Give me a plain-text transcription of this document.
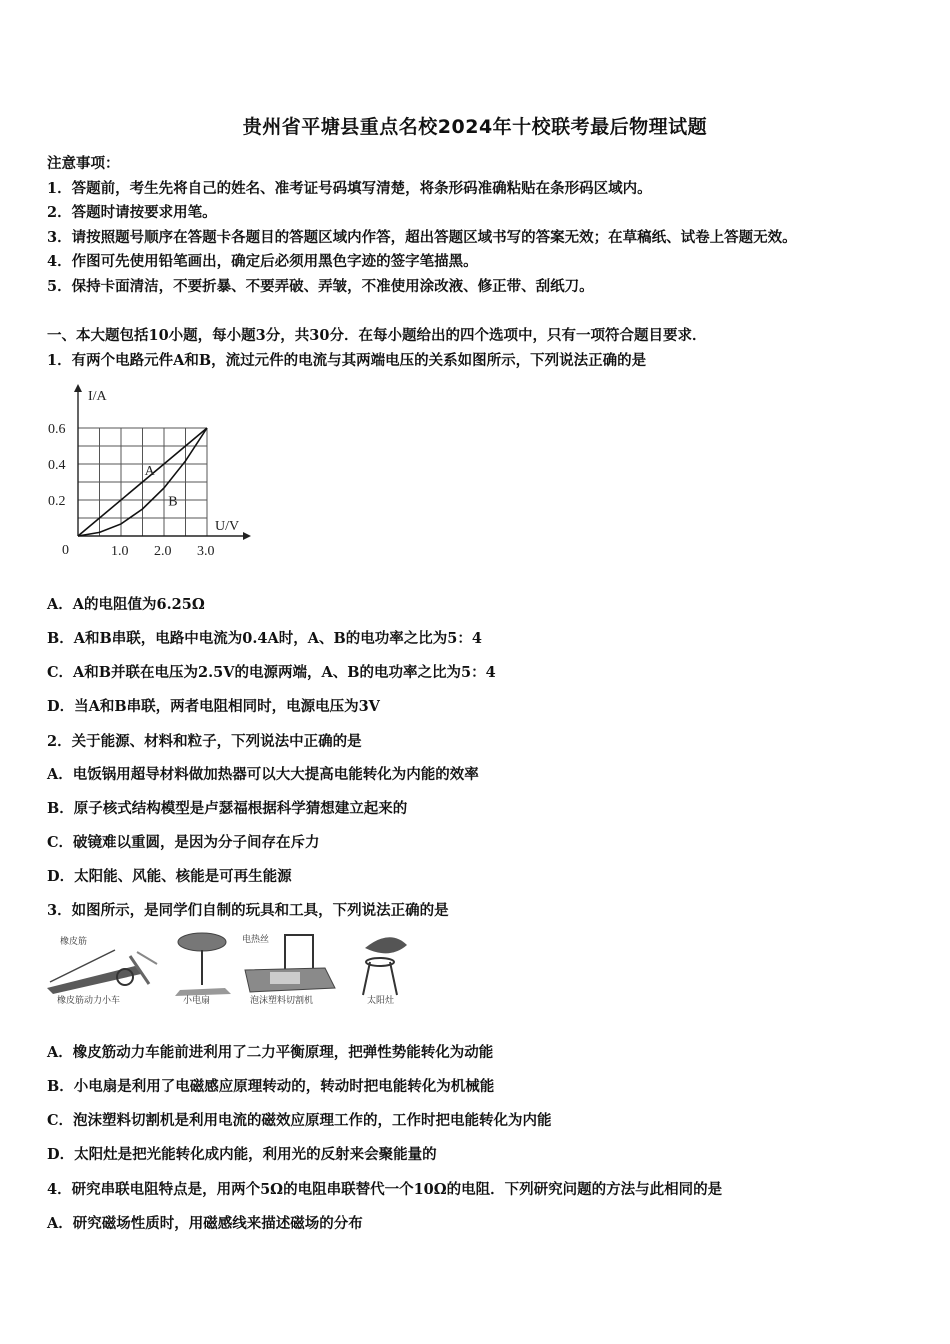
贵州省平塘县重点名校2024年十校联考最后物理试题
注意事项：
1．答题前，考生先将自己的姓名、准考证号码填写清楚，将条形码准确粘贴在条形码区域内。
2．答题时请按要求用笔。
3．请按照题号顺序在答题卡各题目的答题区域内作答，超出答题区域书写的答案无效；在草稿纸、试卷上答题无效。
4．作图可先使用铅笔画出，确定后必须用黑色字迹的签字笔描黑。
5．保持卡面清洁，不要折暴、不要弄破、弄皱，不准使用涂改液、修正带、刮纸刀。
一、本大题包括10小题，每小题3分，共30分．在每小题给出的四个选项中，只有一项符合题目要求．
1．有两个电路元件A和B，流过元件的电流与其两端电压的关系如图所示，下列说法正确的是
A
B
1.0 2.0 3.0
0.2
0.4
0.6
0
U/V
I/A
A．A的电阻值为6.25Ω
B．A和B串联，电路中电流为0.4A时，A、B的电功率之比为5：4
C．A和B并联在电压为2.5V的电源两端，A、B的电功率之比为5：4
D．当A和B串联，两者电阻相同时，电源电压为3V
2．关于能源、材料和粒子，下列说法中正确的是
A．电饭锅用超导材料做加热器可以大大提高电能转化为内能的效率
B．原子核式结构模型是卢瑟福根据科学猜想建立起来的
C．破镜难以重圆，是因为分子间存在斥力
D．太阳能、风能、核能是可再生能源
3．如图所示，是同学们自制的玩具和工具，下列说法正确的是
橡皮筋
橡皮筋动力小车	小电扇
电热丝
泡沫塑料切割机	太阳灶
A．橡皮筋动力车能前进利用了二力平衡原理，把弹性势能转化为动能
B．小电扇是利用了电磁感应原理转动的，转动时把电能转化为机械能
C．泡沫塑料切割机是利用电流的磁效应原理工作的，工作时把电能转化为内能
D．太阳灶是把光能转化成内能，利用光的反射来会聚能量的
4．研究串联电阻特点是，用两个5Ω的电阻串联替代一个10Ω的电阻．下列研究问题的方法与此相同的是
A．研究磁场性质时，用磁感线来描述磁场的分布
